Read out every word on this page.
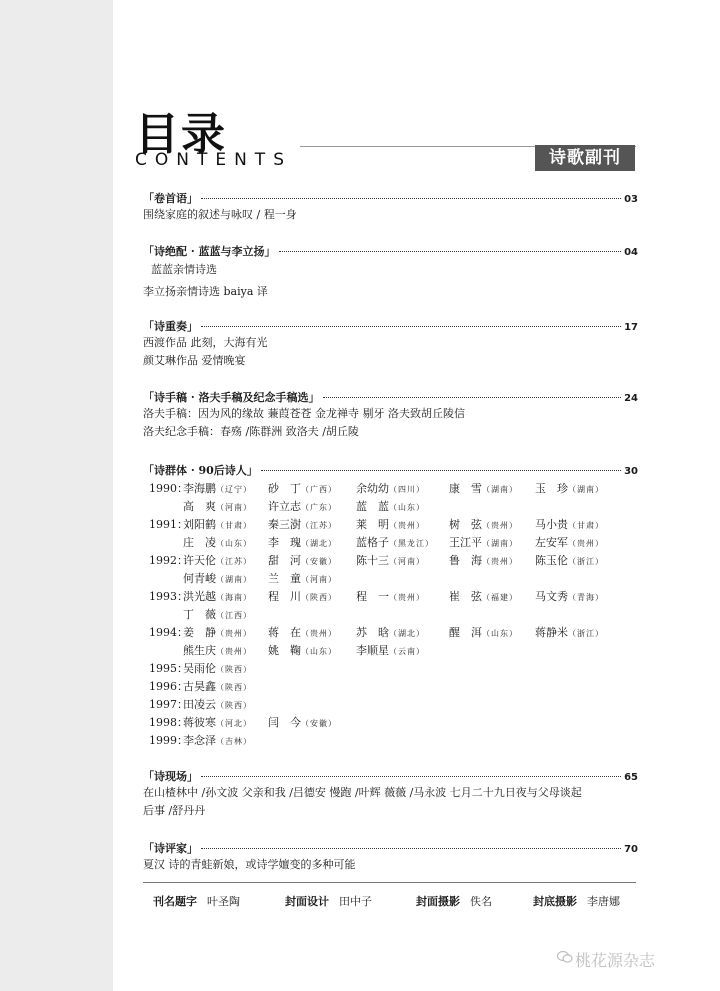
目录
CONTENTS	诗歌副刊
「卷首语」	03
围绕家庭的叙述与咏叹 / 程一身
「诗绝配 · 蓝蓝与李立扬」	04
蓝蓝亲情诗选
李立扬亲情诗选 baiya 译
「诗重奏」	17
西渡作品 此刻，大海有光
颜艾琳作品 爱情晚宴
「诗手稿 · 洛夫手稿及纪念手稿选」	24
洛夫手稿：因为风的缘故 蒹葭苍苍 金龙禅寺 剔牙 洛夫致胡丘陵信
洛夫纪念手稿：春殇 /陈群洲 致洛夫 /胡丘陵
「诗群体 · 90后诗人」	30
1990：
李海鹏（辽宁） 砂　丁（广西） 余幼幼（四川） 康　雪（湖南） 玉　珍（湖南）
高　爽（河南） 许立志（广东） 蓝　蓝（山东）
1991：
刘阳鹤（甘肃） 秦三澍（江苏） 莱　明（贵州） 树　弦（贵州） 马小贵（甘肃）
庄　凌（山东） 李　瑰（湖北） 蓝格子（黑龙江） 王江平（湖南） 左安军（贵州）
1992：
许天伦（江苏） 甜　河（安徽） 陈十三（河南） 鲁　海（贵州） 陈玉伦（浙江）
何青峻（湖南） 兰　童（河南）
1993：
洪光越（海南） 程　川（陕西） 程　一（贵州） 崔　弦（福建） 马文秀（青海）
丁　薇（江西）
1994：
姜　静（贵州） 蒋　在（贵州） 苏　晗（湖北） 醒　洱（山东） 蒋静米（浙江）
熊生庆（贵州） 姚　鞠（山东） 李顺星（云南）
1995：
吴雨伦（陕西）
1996：
古昊鑫（陕西）
1997：
田凌云（陕西）
1998：
蒋彼寒（河北） 闫　今（安徽）
1999：
李念泽（吉林）
「诗现场」	65
在山楂林中 /孙文波 父亲和我 /吕德安 慢跑 /叶辉 薇薇 /马永波 七月二十九日夜与父母谈起
后事 /舒丹丹
「诗评家」	70
夏汉 诗的青蛙新娘，或诗学嬗变的多种可能
刊名题字 叶圣陶	封面设计 田中子	封面摄影 佚名	封底摄影 李唐娜
桃花源杂志
